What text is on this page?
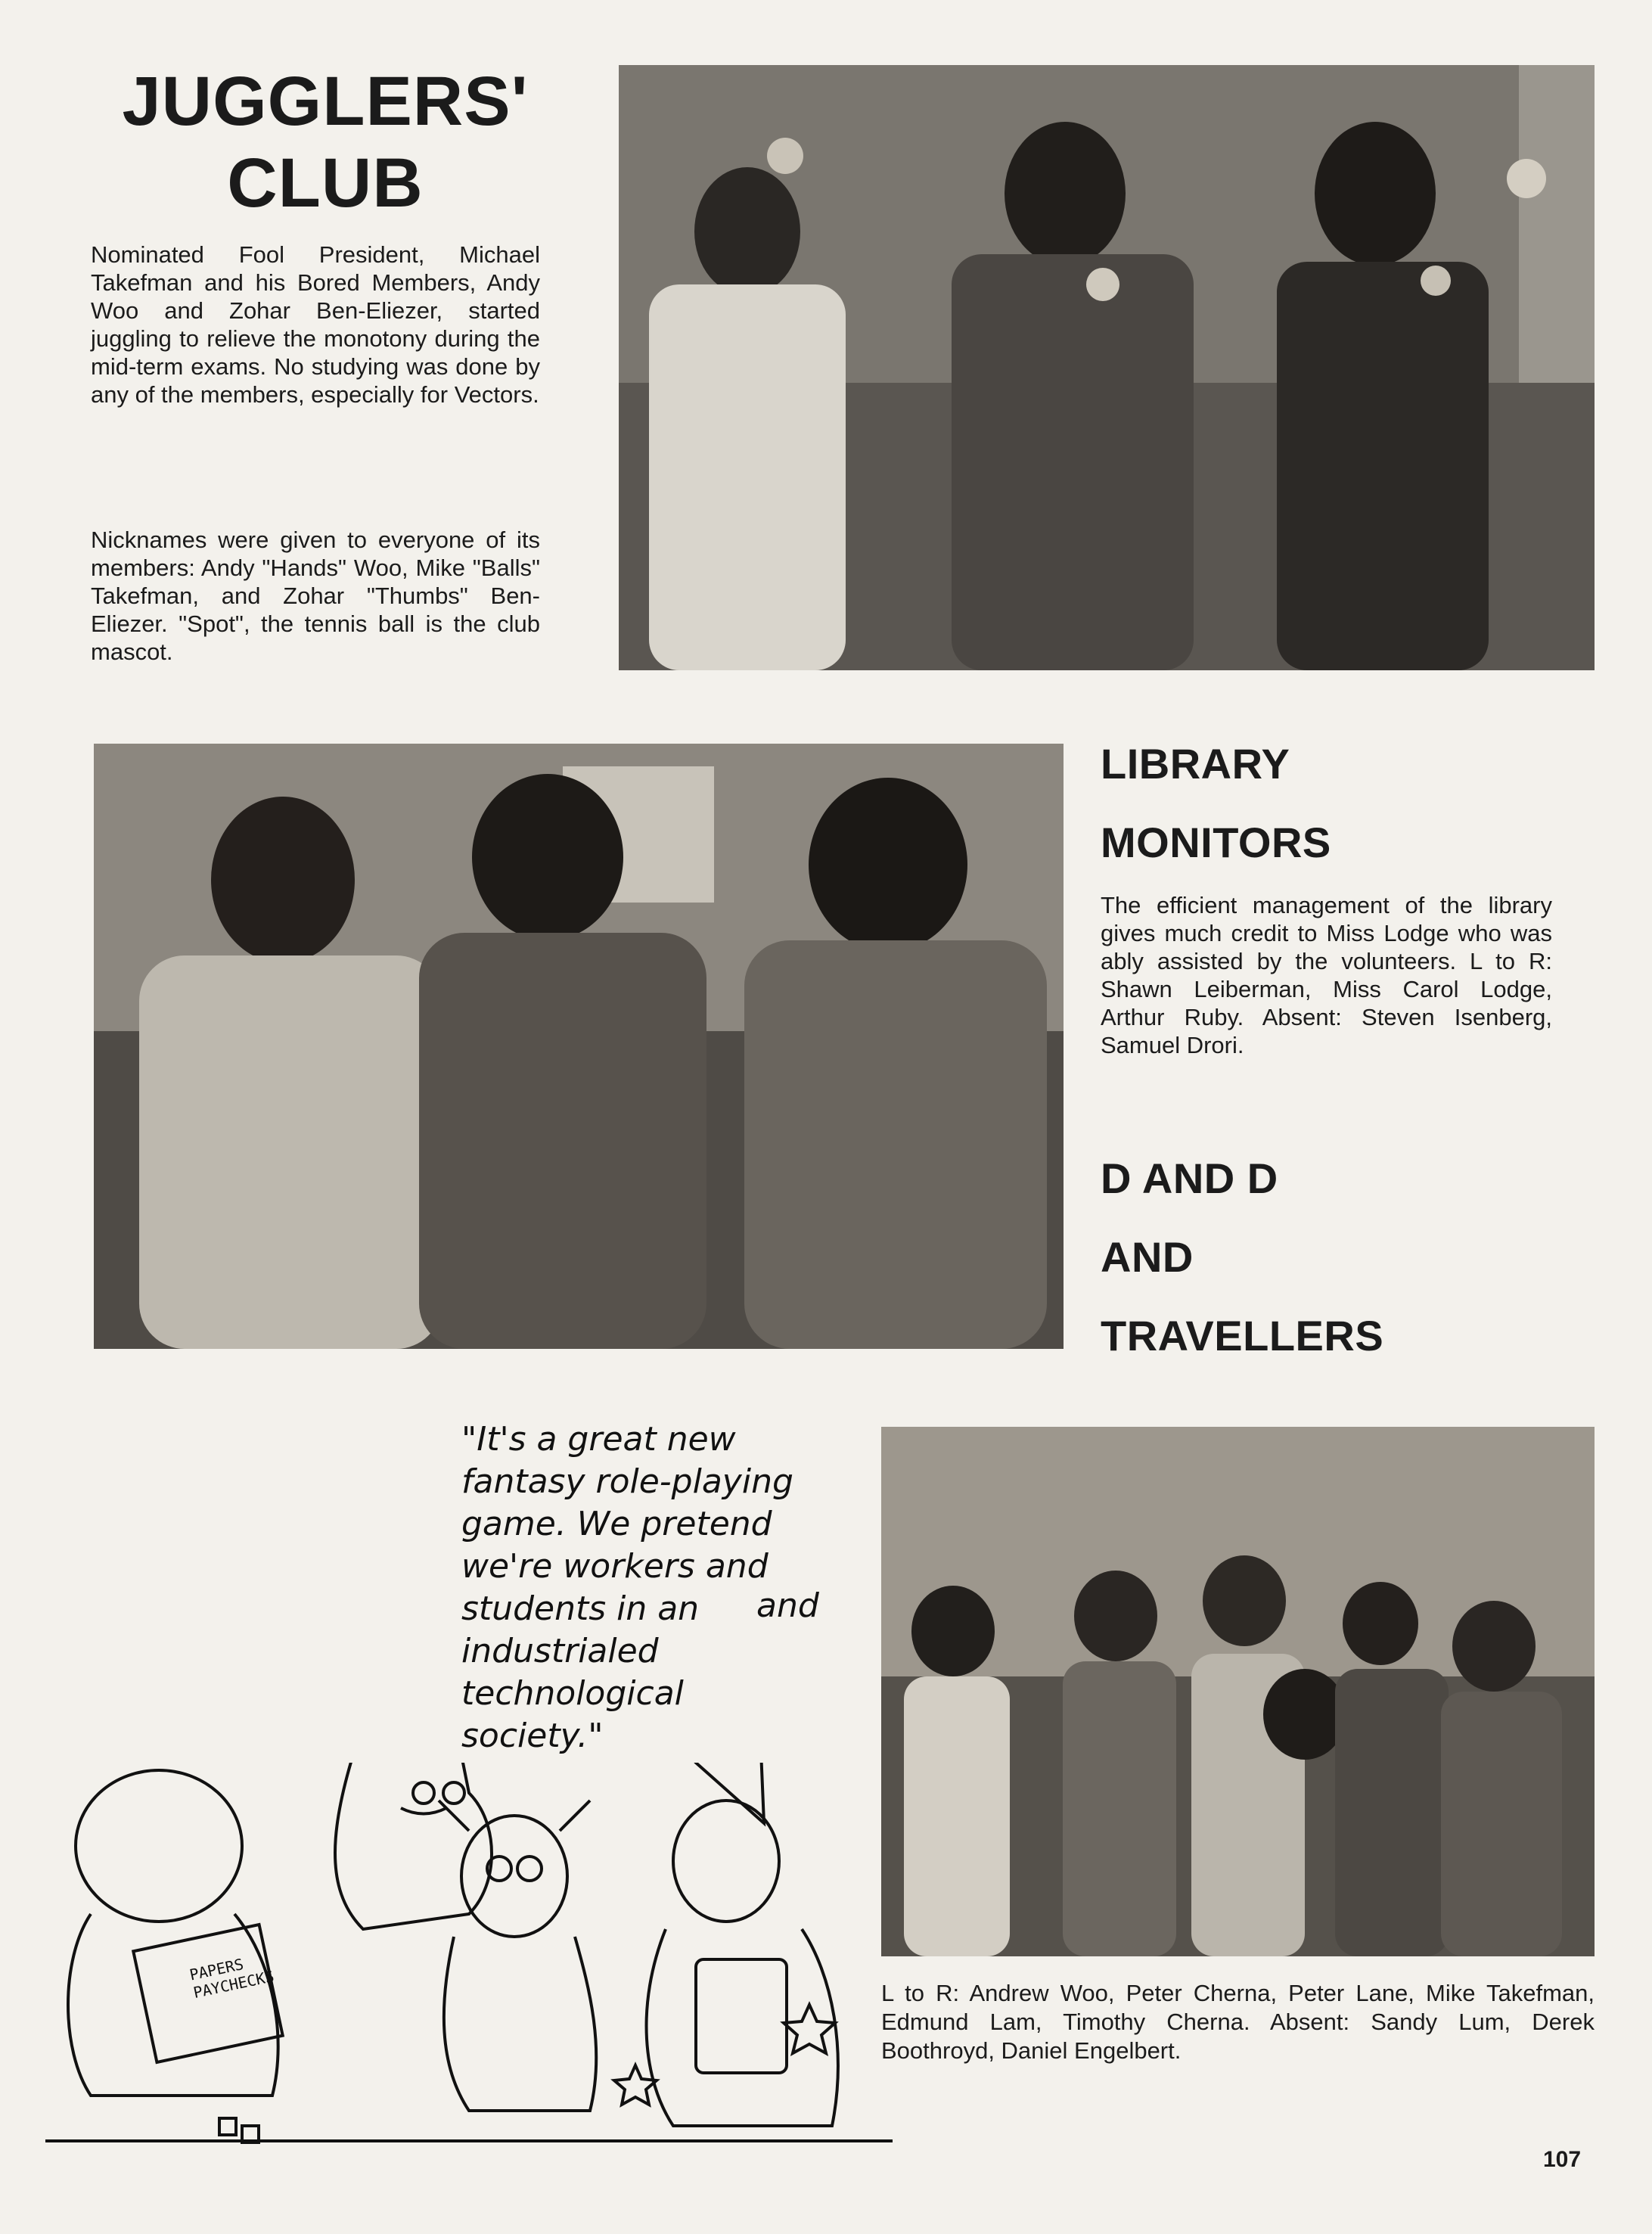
JUGGLERS' CLUB

Nominated Fool President, Michael Takefman and his Bored Members, Andy Woo and Zohar Ben-Eliezer, started juggling to relieve the monotony during the mid-term exams. No studying was done by any of the members, especially for Vectors.

Nicknames were given to everyone of its members: Andy "Hands" Woo, Mike "Balls" Takefman, and Zohar "Thumbs" Ben-Eliezer. "Spot", the tennis ball is the club mascot.

LIBRARY
MONITORS

The efficient management of the library gives much credit to Miss Lodge who was ably assisted by the volunteers. L to R: Shawn Leiberman, Miss Carol Lodge, Arthur Ruby. Absent: Steven Isenberg, Samuel Drori.

D AND D
AND
TRAVELLERS

"It's a great new

fantasy role-playing

game. We pretend

we're workers and

students in an

industrialed

technological

society."

and

PAPERS PAYCHECKS	L to R: Andrew Woo, Peter Cherna, Peter Lane, Mike Takefman, Edmund Lam, Timothy Cherna. Absent: Sandy Lum, Derek Boothroyd, Daniel Engelbert.

107
